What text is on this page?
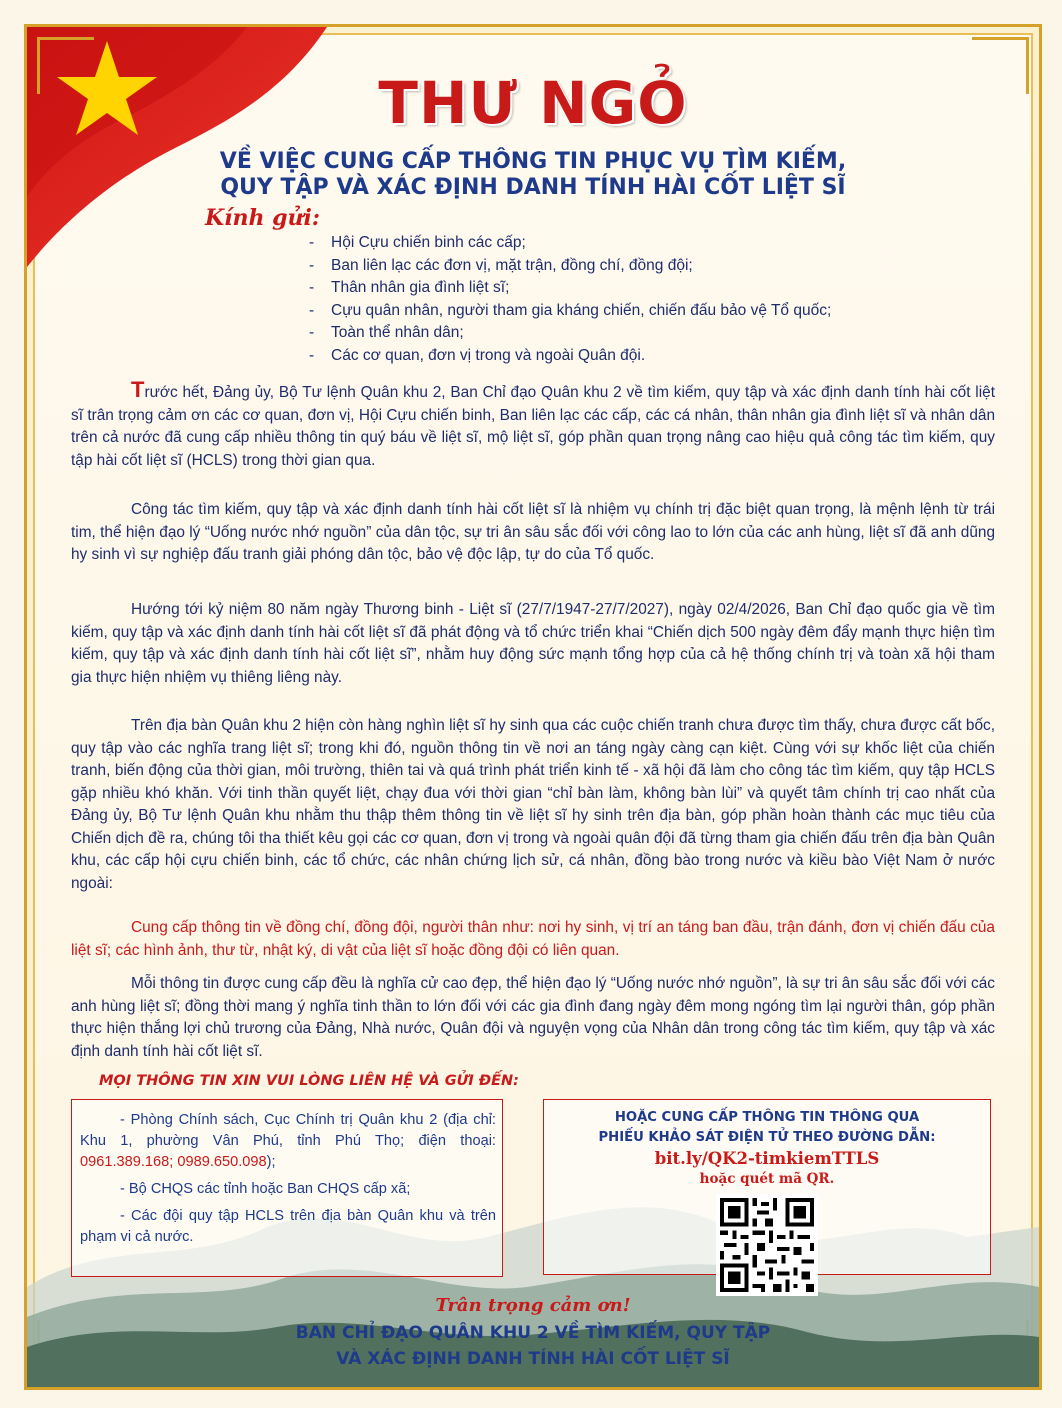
THƯ NGỎ
VỀ VIỆC CUNG CẤP THÔNG TIN PHỤC VỤ TÌM KIẾM,
QUY TẬP VÀ XÁC ĐỊNH DANH TÍNH HÀI CỐT LIỆT SĨ
Kính gửi:
- Hội Cựu chiến binh các cấp;
- Ban liên lạc các đơn vị, mặt trận, đồng chí, đồng đội;
- Thân nhân gia đình liệt sĩ;
- Cựu quân nhân, người tham gia kháng chiến, chiến đấu bảo vệ Tổ quốc;
- Toàn thể nhân dân;
- Các cơ quan, đơn vị trong và ngoài Quân đội.

Trước hết, Đảng ủy, Bộ Tư lệnh Quân khu 2, Ban Chỉ đạo Quân khu 2 về tìm kiếm, quy tập và xác định danh tính hài cốt liệt sĩ trân trọng cảm ơn các cơ quan, đơn vị, Hội Cựu chiến binh, Ban liên lạc các cấp, các cá nhân, thân nhân gia đình liệt sĩ và nhân dân trên cả nước đã cung cấp nhiều thông tin quý báu về liệt sĩ, mộ liệt sĩ, góp phần quan trọng nâng cao hiệu quả công tác tìm kiếm, quy tập hài cốt liệt sĩ (HCLS) trong thời gian qua.

Công tác tìm kiếm, quy tập và xác định danh tính hài cốt liệt sĩ là nhiệm vụ chính trị đặc biệt quan trọng, là mệnh lệnh từ trái tim, thể hiện đạo lý “Uống nước nhớ nguồn” của dân tộc, sự tri ân sâu sắc đối với công lao to lớn của các anh hùng, liệt sĩ đã anh dũng hy sinh vì sự nghiệp đấu tranh giải phóng dân tộc, bảo vệ độc lập, tự do của Tổ quốc.

Hướng tới kỷ niệm 80 năm ngày Thương binh - Liệt sĩ (27/7/1947-27/7/2027), ngày 02/4/2026, Ban Chỉ đạo quốc gia về tìm kiếm, quy tập và xác định danh tính hài cốt liệt sĩ đã phát động và tổ chức triển khai “Chiến dịch 500 ngày đêm đẩy mạnh thực hiện tìm kiếm, quy tập và xác định danh tính hài cốt liệt sĩ”, nhằm huy động sức mạnh tổng hợp của cả hệ thống chính trị và toàn xã hội tham gia thực hiện nhiệm vụ thiêng liêng này.

Trên địa bàn Quân khu 2 hiện còn hàng nghìn liệt sĩ hy sinh qua các cuộc chiến tranh chưa được tìm thấy, chưa được cất bốc, quy tập vào các nghĩa trang liệt sĩ; trong khi đó, nguồn thông tin về nơi an táng ngày càng cạn kiệt. Cùng với sự khốc liệt của chiến tranh, biến động của thời gian, môi trường, thiên tai và quá trình phát triển kinh tế - xã hội đã làm cho công tác tìm kiếm, quy tập HCLS gặp nhiều khó khăn. Với tinh thần quyết liệt, chạy đua với thời gian “chỉ bàn làm, không bàn lùi” và quyết tâm chính trị cao nhất của Đảng ủy, Bộ Tư lệnh Quân khu nhằm thu thập thêm thông tin về liệt sĩ hy sinh trên địa bàn, góp phần hoàn thành các mục tiêu của Chiến dịch đề ra, chúng tôi tha thiết kêu gọi các cơ quan, đơn vị trong và ngoài quân đội đã từng tham gia chiến đấu trên địa bàn Quân khu, các cấp hội cựu chiến binh, các tổ chức, các nhân chứng lịch sử, cá nhân, đồng bào trong nước và kiều bào Việt Nam ở nước ngoài:

Cung cấp thông tin về đồng chí, đồng đội, người thân như: nơi hy sinh, vị trí an táng ban đầu, trận đánh, đơn vị chiến đấu của liệt sĩ; các hình ảnh, thư từ, nhật ký, di vật của liệt sĩ hoặc đồng đội có liên quan.

Mỗi thông tin được cung cấp đều là nghĩa cử cao đẹp, thể hiện đạo lý “Uống nước nhớ nguồn”, là sự tri ân sâu sắc đối với các anh hùng liệt sĩ; đồng thời mang ý nghĩa tinh thần to lớn đối với các gia đình đang ngày đêm mong ngóng tìm lại người thân, góp phần thực hiện thắng lợi chủ trương của Đảng, Nhà nước, Quân đội và nguyện vọng của Nhân dân trong công tác tìm kiếm, quy tập và xác định danh tính hài cốt liệt sĩ.

MỌI THÔNG TIN XIN VUI LÒNG LIÊN HỆ VÀ GỬI ĐẾN:

- Phòng Chính sách, Cục Chính trị Quân khu 2 (địa chỉ: Khu 1, phường Vân Phú, tỉnh Phú Thọ; điện thoại: 0961.389.168; 0989.650.098);

- Bộ CHQS các tỉnh hoặc Ban CHQS cấp xã;

- Các đội quy tập HCLS trên địa bàn Quân khu và trên phạm vi cả nước.

HOẶC CUNG CẤP THÔNG TIN THÔNG QUA
PHIẾU KHẢO SÁT ĐIỆN TỬ THEO ĐƯỜNG DẪN:
bit.ly/QK2-timkiemTTLS
hoặc quét mã QR.
Trân trọng cảm ơn!
BAN CHỈ ĐẠO QUÂN KHU 2 VỀ TÌM KIẾM, QUY TẬP
VÀ XÁC ĐỊNH DANH TÍNH HÀI CỐT LIỆT SĨ
